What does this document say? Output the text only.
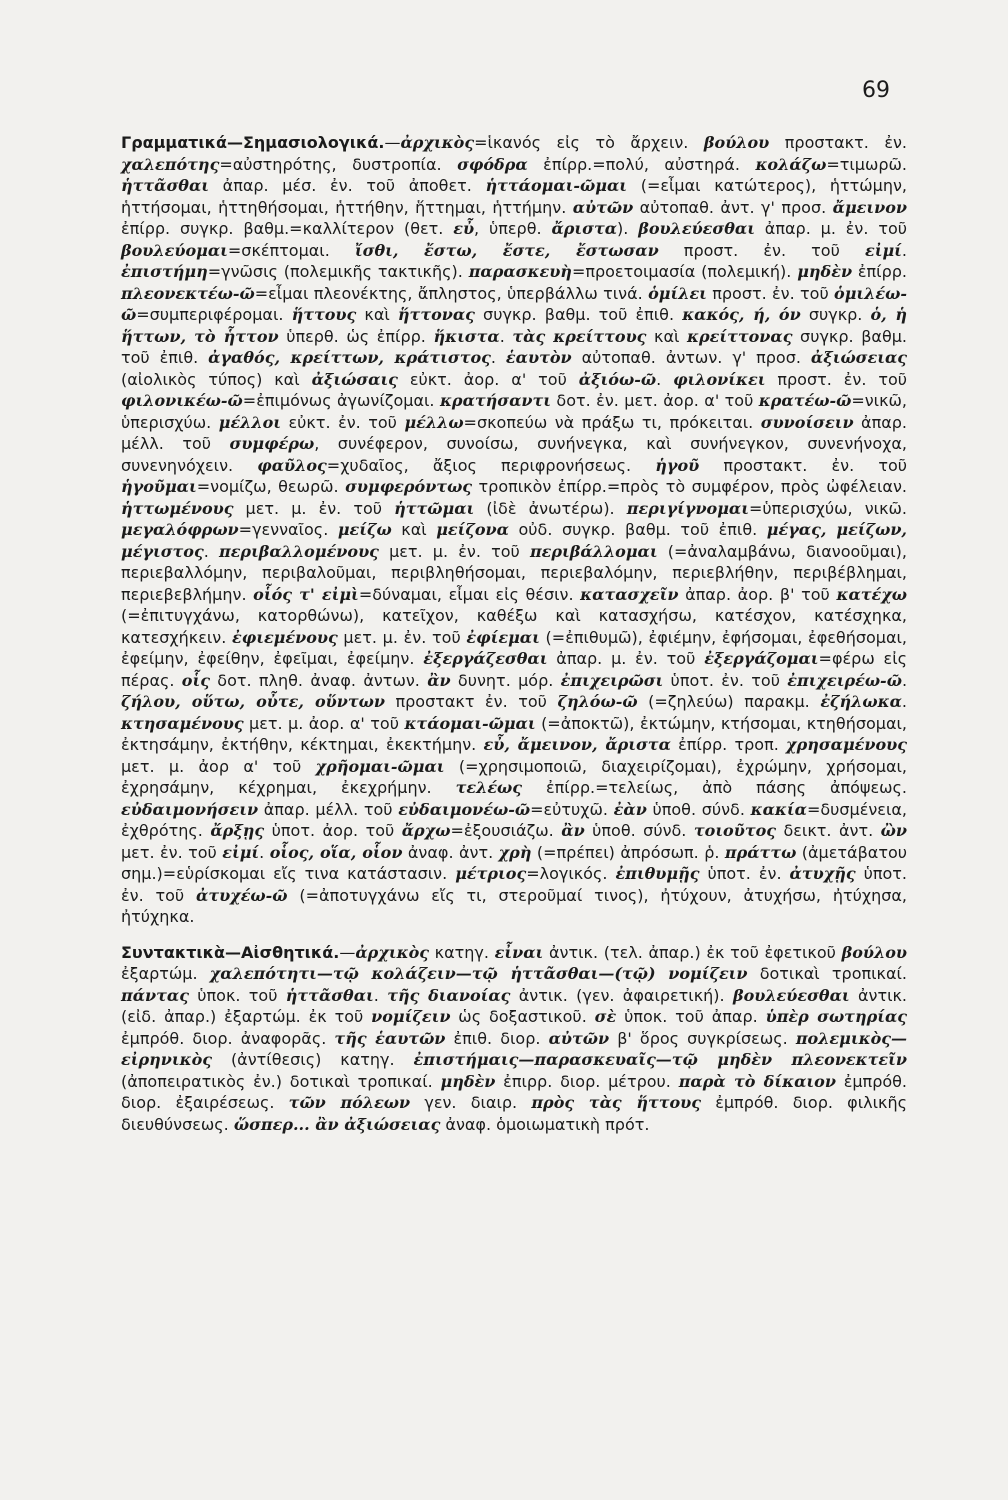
69

Γραμματικά—Σημασιολογικά.—ἀρχικὸς=ἱκανός εἰς τὸ ἄρχειν. βούλου προστακτ. ἐν. χαλεπότης=αὐστηρότης, δυστροπία. σφόδρα ἐπίρρ.=πολύ, αὐστηρά. κολάζω=τιμωρῶ. ἡττᾶσθαι ἀπαρ. μέσ. ἐν. τοῦ ἀποθετ. ἡττάομαι-ῶμαι (=εἶμαι κατώτερος), ἡττώμην, ἡττήσομαι, ἡττηθήσομαι, ἡττήθην, ἥττημαι, ἡττήμην. αὐτῶν αὐτοπαθ. ἀντ. γ' προσ. ἄμεινον ἐπίρρ. συγκρ. βαθμ.=καλλίτερον (θετ. εὖ, ὑπερθ. ἄριστα). βουλεύεσθαι ἀπαρ. μ. ἐν. τοῦ βουλεύομαι=σκέπτομαι. ἴσθι, ἔστω, ἔστε, ἔστωσαν προστ. ἐν. τοῦ εἰμί. ἐπιστήμη=γνῶσις (πολεμικῆς τακτικῆς). παρασκευὴ=προετοιμασία (πολεμική). μηδὲν ἐπίρρ. πλεονεκτέω-ῶ=εἶμαι πλεονέκτης, ἄπληστος, ὑπερβάλλω τινά. ὁμίλει προστ. ἐν. τοῦ ὁμιλέω-ῶ=συμπεριφέρομαι. ἥττους καὶ ἥττονας συγκρ. βαθμ. τοῦ ἐπιθ. κακός, ή, όν συγκρ. ὁ, ἡ ἥττων, τὸ ἧττον ὑπερθ. ὡς ἐπίρρ. ἥκιστα. τὰς κρείττους καὶ κρείττονας συγκρ. βαθμ. τοῦ ἐπιθ. ἀγαθός, κρείττων, κράτιστος. ἑαυτὸν αὐτοπαθ. ἀντων. γ' προσ. ἀξιώσειας (αἰολικὸς τύπος) καὶ ἀξιώσαις εὐκτ. ἀορ. α' τοῦ ἀξιόω-ῶ. φιλονίκει προστ. ἐν. τοῦ φιλονικέω-ῶ=ἐπιμόνως ἀγωνίζομαι. κρατήσαντι δοτ. ἐν. μετ. ἀορ. α' τοῦ κρατέω-ῶ=νικῶ, ὑπερισχύω. μέλλοι εὐκτ. ἐν. τοῦ μέλλω=σκοπεύω νὰ πράξω τι, πρόκειται. συνοίσειν ἀπαρ. μέλλ. τοῦ συμφέρω, συνέφερον, συνοίσω, συνήνεγκα, καὶ συνήνεγκον, συνενήνοχα, συνενηνόχειν. φαῦλος=χυδαῖος, ἄξιος περιφρονήσεως. ἡγοῦ προστακτ. ἐν. τοῦ ἡγοῦμαι=νομίζω, θεωρῶ. συμφερόντως τροπικὸν ἐπίρρ.=πρὸς τὸ συμφέρον, πρὸς ὠφέλειαν. ἡττωμένους μετ. μ. ἐν. τοῦ ἡττῶμαι (ἰδὲ ἀνωτέρω). περιγίγνομαι=ὑπερισχύω, νικῶ. μεγαλόφρων=γενναῖος. μείζω καὶ μείζονα οὐδ. συγκρ. βαθμ. τοῦ ἐπιθ. μέγας, μείζων, μέγιστος. περιβαλλομένους μετ. μ. ἐν. τοῦ περιβάλλομαι (=ἀναλαμβάνω, διανοοῦμαι), περιεβαλλόμην, περιβαλοῦμαι, περιβληθήσομαι, περιεβαλόμην, περιεβλήθην, περιβέβλημαι, περιεβεβλήμην. οἷός τ' εἰμὶ=δύναμαι, εἶμαι εἰς θέσιν. κατασχεῖν ἀπαρ. ἀορ. β' τοῦ κατέχω (=ἐπιτυγχάνω, κατορθώνω), κατεῖχον, καθέξω καὶ κατασχήσω, κατέσχον, κατέσχηκα, κατεσχήκειν. ἐφιεμένους μετ. μ. ἐν. τοῦ ἐφίεμαι (=ἐπιθυμῶ), ἐφιέμην, ἐφήσομαι, ἐφεθήσομαι, ἐφείμην, ἐφείθην, ἐφεῖμαι, ἐφείμην. ἐξεργάζεσθαι ἀπαρ. μ. ἐν. τοῦ ἐξεργάζομαι=φέρω εἰς πέρας. οἷς δοτ. πληθ. ἀναφ. ἀντων. ἂν δυνητ. μόρ. ἐπιχειρῶσι ὑποτ. ἐν. τοῦ ἐπιχειρέω-ῶ. ζήλου, οὕτω, οὖτε, οὕντων προστακτ ἐν. τοῦ ζηλόω-ῶ (=ζηλεύω) παρακμ. ἐζήλωκα. κτησαμένους μετ. μ. ἀορ. α' τοῦ κτάομαι-ῶμαι (=ἀποκτῶ), ἐκτώμην, κτήσομαι, κτηθήσομαι, ἐκτησάμην, ἐκτήθην, κέκτημαι, ἐκεκτήμην. εὖ, ἄμεινον, ἄριστα ἐπίρρ. τροπ. χρησαμένους μετ. μ. ἀορ α' τοῦ χρῆομαι-ῶμαι (=χρησιμοποιῶ, διαχειρίζομαι), ἐχρώμην, χρήσομαι, ἐχρησάμην, κέχρημαι, ἐκεχρήμην. τελέως ἐπίρρ.=τελείως, ἀπὸ πάσης ἀπόψεως. εὐδαιμονήσειν ἀπαρ. μέλλ. τοῦ εὐδαιμονέω-ῶ=εὐτυχῶ. ἐὰν ὑποθ. σύνδ. κακία=δυσμένεια, ἐχθρότης. ἄρξῃς ὑποτ. ἀορ. τοῦ ἄρχω=ἐξουσιάζω. ἂν ὑποθ. σύνδ. τοιοῦτος δεικτ. ἀντ. ὢν μετ. ἐν. τοῦ εἰμί. οἷος, οἵα, οἷον ἀναφ. ἀντ. χρὴ (=πρέπει) ἀπρόσωπ. ῥ. πράττω (ἀμετάβατου σημ.)=εὑρίσκομαι εἴς τινα κατάστασιν. μέτριος=λογικός. ἐπιθυμῇς ὑποτ. ἐν. ἀτυχῇς ὑποτ. ἐν. τοῦ ἀτυχέω-ῶ (=ἀποτυγχάνω εἴς τι, στεροῦμαί τινος), ἠτύχουν, ἀτυχήσω, ἠτύχησα, ἠτύχηκα.

Συντακτικὰ—Αἰσθητικά.—ἀρχικὸς κατηγ. εἶναι ἀντικ. (τελ. ἀπαρ.) ἐκ τοῦ ἐφετικοῦ βούλου ἐξαρτώμ. χαλεπότητι—τῷ κολάζειν—τῷ ἡττᾶσθαι—(τῷ) νομίζειν δοτικαὶ τροπικαί. πάντας ὑποκ. τοῦ ἡττᾶσθαι. τῆς διανοίας ἀντικ. (γεν. ἀφαιρετική). βουλεύεσθαι ἀντικ. (εἰδ. ἀπαρ.) ἐξαρτώμ. ἐκ τοῦ νομίζειν ὡς δοξαστικοῦ. σὲ ὑποκ. τοῦ ἀπαρ. ὑπὲρ σωτηρίας ἐμπρόθ. διορ. ἀναφορᾶς. τῆς ἑαυτῶν ἐπιθ. διορ. αὐτῶν β' ὅρος συγκρίσεως. πολεμικὸς—εἰρηνικὸς (ἀντίθεσις) κατηγ. ἐπιστήμαις—παρασκευαῖς—τῷ μηδὲν πλεονεκτεῖν (ἀποπειρατικὸς ἐν.) δοτικαὶ τροπικαί. μηδὲν ἐπιρρ. διορ. μέτρου. παρὰ τὸ δίκαιον ἐμπρόθ. διορ. ἐξαιρέσεως. τῶν πόλεων γεν. διαιρ. πρὸς τὰς ἥττους ἐμπρόθ. διορ. φιλικῆς διευθύνσεως. ὥσπερ... ἂν ἀξιώσειας ἀναφ. ὁμοιωματικὴ πρότ.
